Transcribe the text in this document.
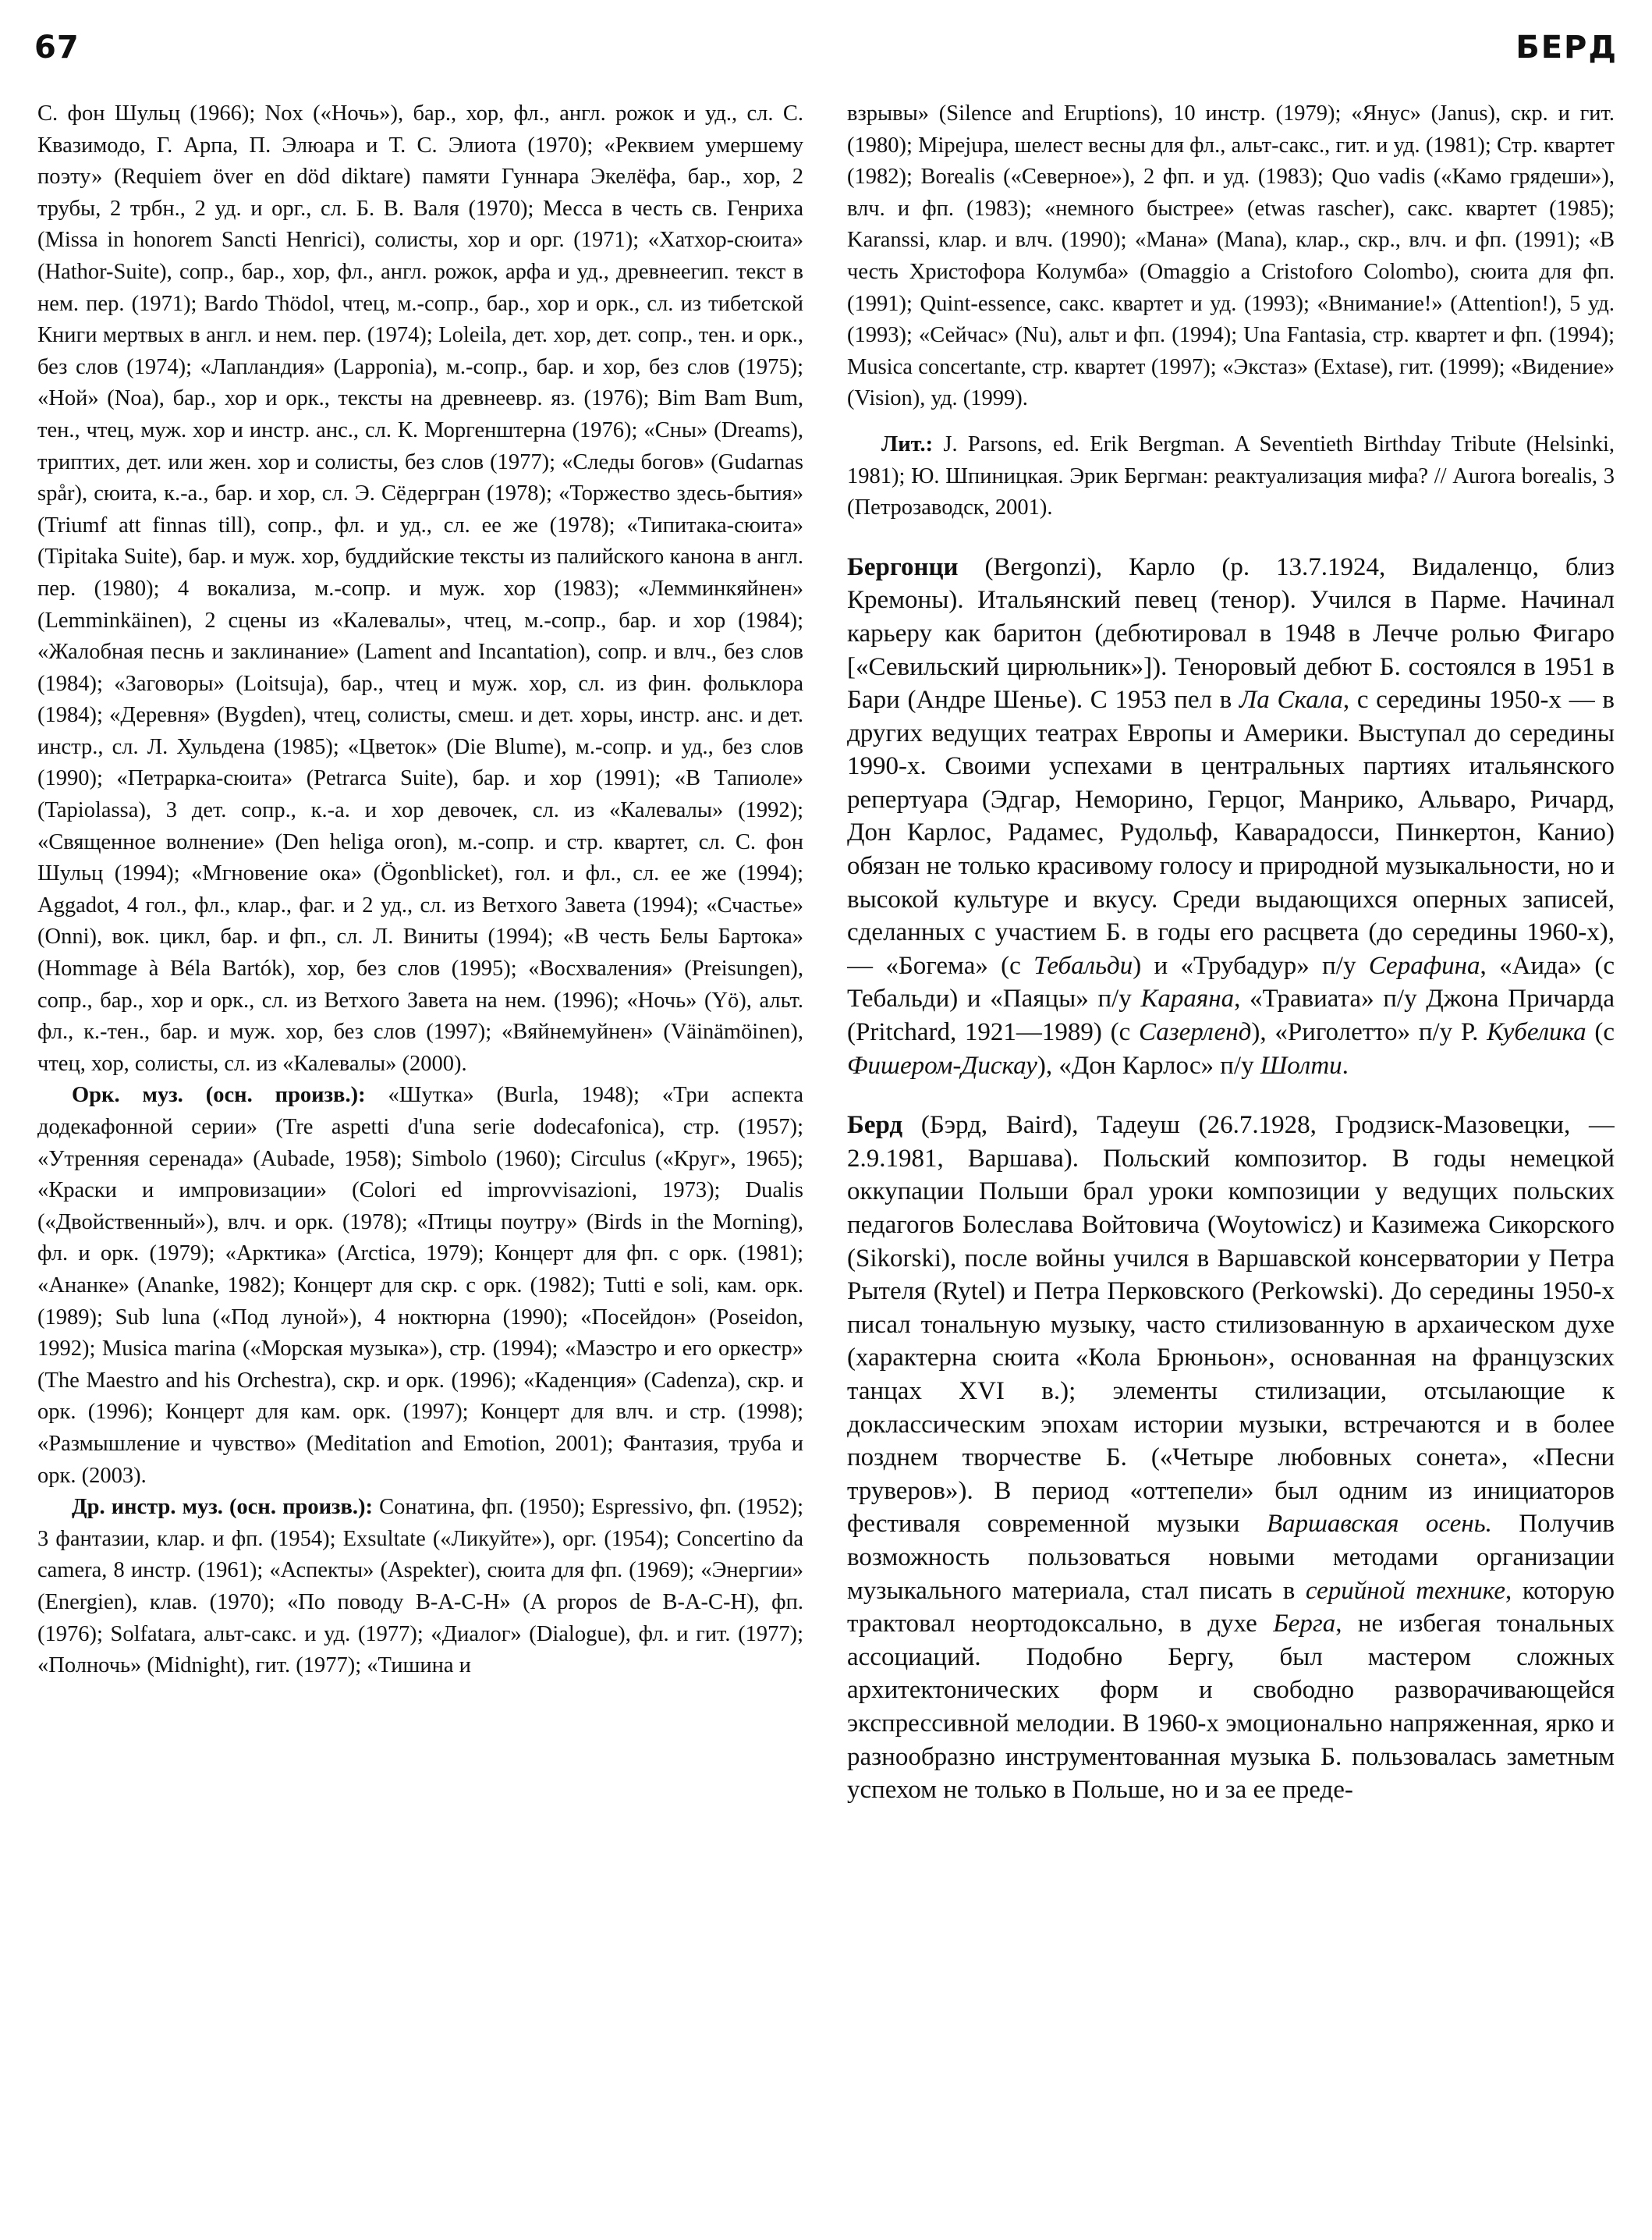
67	БЕРД

С. фон Шульц (1966); Nox («Ночь»), бар., хор, фл., англ. рожок и уд., сл. С. Квазимодо, Г. Арпа, П. Элюара и Т. С. Элиота (1970); «Реквием умершему поэту» (Requiem över en död diktare) памяти Гуннара Экелёфа, бар., хор, 2 трубы, 2 трбн., 2 уд. и орг., сл. Б. В. Валя (1970); Месса в честь св. Генриха (Missa in honorem Sancti Henrici), солисты, хор и орг. (1971); «Хатхор-сюита» (Hathor-Suite), сопр., бар., хор, фл., англ. рожок, арфа и уд., древнеегип. текст в нем. пер. (1971); Bardo Thödol, чтец, м.-сопр., бар., хор и орк., сл. из тибетской Книги мертвых в англ. и нем. пер. (1974); Loleila, дет. хор, дет. сопр., тен. и орк., без слов (1974); «Лапландия» (Lapponia), м.-сопр., бар. и хор, без слов (1975); «Ной» (Noa), бар., хор и орк., тексты на древнеевр. яз. (1976); Bim Bam Bum, тен., чтец, муж. хор и инстр. анс., сл. К. Моргенштерна (1976); «Сны» (Dreams), триптих, дет. или жен. хор и солисты, без слов (1977); «Следы богов» (Gudarnas spår), сюита, к.-а., бар. и хор, сл. Э. Сёдергран (1978); «Торжество здесь-бытия» (Triumf att finnas till), сопр., фл. и уд., сл. ее же (1978); «Типитака-сюита» (Tipitaka Suite), бар. и муж. хор, буддийские тексты из палийского канона в англ. пер. (1980); 4 вокализа, м.-сопр. и муж. хор (1983); «Лемминкяйнен» (Lemminkäinen), 2 сцены из «Калевалы», чтец, м.-сопр., бар. и хор (1984); «Жалобная песнь и заклинание» (Lament and Incantation), сопр. и влч., без слов (1984); «Заговоры» (Loitsuja), бар., чтец и муж. хор, сл. из фин. фольклора (1984); «Деревня» (Bygden), чтец, солисты, смеш. и дет. хоры, инстр. анс. и дет. инстр., сл. Л. Хульдена (1985); «Цветок» (Die Blume), м.-сопр. и уд., без слов (1990); «Петрарка-сюита» (Petrarca Suite), бар. и хор (1991); «В Тапиоле» (Tapiolassa), 3 дет. сопр., к.-а. и хор девочек, сл. из «Калевалы» (1992); «Священное волнение» (Den heliga oron), м.-сопр. и стр. квартет, сл. С. фон Шульц (1994); «Мгновение ока» (Ögonblicket), гол. и фл., сл. ее же (1994); Aggadot, 4 гол., фл., клар., фаг. и 2 уд., сл. из Ветхого Завета (1994); «Счастье» (Onni), вок. цикл, бар. и фп., сл. Л. Виниты (1994); «В честь Белы Бартока» (Hommage à Béla Bartók), хор, без слов (1995); «Восхваления» (Preisungen), сопр., бар., хор и орк., сл. из Ветхого Завета на нем. (1996); «Ночь» (Yö), альт. фл., к.-тен., бар. и муж. хор, без слов (1997); «Вяйнемуйнен» (Väinämöinen), чтец, хор, солисты, сл. из «Калевалы» (2000).

Орк. муз. (осн. произв.): «Шутка» (Burla, 1948); «Три аспекта додекафонной серии» (Tre aspetti d'una serie dodecafonica), стр. (1957); «Утренняя серенада» (Aubade, 1958); Simbolo (1960); Circulus («Круг», 1965); «Краски и импровизации» (Colori ed improvvisazioni, 1973); Dualis («Двойственный»), влч. и орк. (1978); «Птицы поутру» (Birds in the Morning), фл. и орк. (1979); «Арктика» (Arctica, 1979); Концерт для фп. с орк. (1981); «Ананке» (Ananke, 1982); Концерт для скр. с орк. (1982); Tutti e soli, кам. орк. (1989); Sub luna («Под луной»), 4 ноктюрна (1990); «Посейдон» (Poseidon, 1992); Musica marina («Морская музыка»), стр. (1994); «Маэстро и его оркестр» (The Maestro and his Orchestra), скр. и орк. (1996); «Каденция» (Cadenza), скр. и орк. (1996); Концерт для кам. орк. (1997); Концерт для влч. и стр. (1998); «Размышление и чувство» (Meditation and Emotion, 2001); Фантазия, труба и орк. (2003).

Др. инстр. муз. (осн. произв.): Сонатина, фп. (1950); Espressivo, фп. (1952); 3 фантазии, клар. и фп. (1954); Exsultate («Ликуйте»), орг. (1954); Concertino da camera, 8 инстр. (1961); «Аспекты» (Aspekter), сюита для фп. (1969); «Энергии» (Energien), клав. (1970); «По поводу B-A-C-H» (A propos de B-A-C-H), фп. (1976); Solfatara, альт-сакс. и уд. (1977); «Диалог» (Dialogue), фл. и гит. (1977); «Полночь» (Midnight), гит. (1977); «Тишина и

взрывы» (Silence and Eruptions), 10 инстр. (1979); «Янус» (Janus), скр. и гит. (1980); Mipejupa, шелест весны для фл., альт-сакс., гит. и уд. (1981); Стр. квартет (1982); Borealis («Северное»), 2 фп. и уд. (1983); Quo vadis («Камо грядеши»), влч. и фп. (1983); «немного быстрее» (etwas rascher), сакс. квартет (1985); Karanssi, клар. и влч. (1990); «Мана» (Mana), клар., скр., влч. и фп. (1991); «В честь Христофора Колумба» (Omaggio a Cristoforo Colombo), сюита для фп. (1991); Quint-essence, сакс. квартет и уд. (1993); «Внимание!» (Attention!), 5 уд. (1993); «Сейчас» (Nu), альт и фп. (1994); Una Fantasia, стр. квартет и фп. (1994); Musica concertante, стр. квартет (1997); «Экстаз» (Extase), гит. (1999); «Видение» (Vision), уд. (1999).

Лит.: J. Parsons, ed. Erik Bergman. A Seventieth Birthday Tribute (Helsinki, 1981); Ю. Шпиницкая. Эрик Бергман: реактуализация мифа? // Aurora borealis, 3 (Петрозаводск, 2001).

Бергонци (Bergonzi), Карло (р. 13.7.1924, Видаленцо, близ Кремоны). Итальянский певец (тенор). Учился в Парме. Начинал карьеру как баритон (дебютировал в 1948 в Леччe ролью Фигаро [«Севильский цирюльник»]). Теноровый дебют Б. состоялся в 1951 в Бари (Андре Шенье). С 1953 пел в Ла Скала, с середины 1950-х — в других ведущих театрах Европы и Америки. Выступал до середины 1990-х. Своими успехами в центральных партиях итальянского репертуара (Эдгар, Неморино, Герцог, Манрико, Альваро, Ричард, Дон Карлос, Радамес, Рудольф, Каварадосси, Пинкертон, Канио) обязан не только красивому голосу и природной музыкальности, но и высокой культуре и вкусу. Среди выдающихся оперных записей, сделанных с участием Б. в годы его расцвета (до середины 1960-х), — «Богема» (с Тебальди) и «Трубадур» п/у Серафина, «Аида» (с Тебальди) и «Паяцы» п/у Караяна, «Травиата» п/у Джона Причарда (Pritchard, 1921—1989) (с Сазерленд), «Риголетто» п/у Р. Кубелика (с Фишером-Дискау), «Дон Карлос» п/у Шолти.

Берд (Бэрд, Baird), Тадеуш (26.7.1928, Гродзиск-Мазовецки, — 2.9.1981, Варшава). Польский композитор. В годы немецкой оккупации Польши брал уроки композиции у ведущих польских педагогов Болеслава Войтовича (Woytowicz) и Казимежа Сикорского (Sikorski), после войны учился в Варшавской консерватории у Петра Рытеля (Rytel) и Петра Перковского (Perkowski). До середины 1950-х писал тональную музыку, часто стилизованную в архаическом духе (характерна сюита «Кола Брюньон», основанная на французских танцах XVI в.); элементы стилизации, отсылающие к доклассическим эпохам истории музыки, встречаются и в более позднем творчестве Б. («Четыре любовных сонета», «Песни труверов»). В период «оттепели» был одним из инициаторов фестиваля современной музыки Варшавская осень. Получив возможность пользоваться новыми методами организации музыкального материала, стал писать в серийной технике, которую трактовал неортодоксально, в духе Берга, не избегая тональных ассоциаций. Подобно Бергу, был мастером сложных архитектонических форм и свободно разворачивающейся экспрессивной мелодии. В 1960-х эмоционально напряженная, ярко и разнообразно инструментованная музыка Б. пользовалась заметным успехом не только в Польше, но и за ее преде-
